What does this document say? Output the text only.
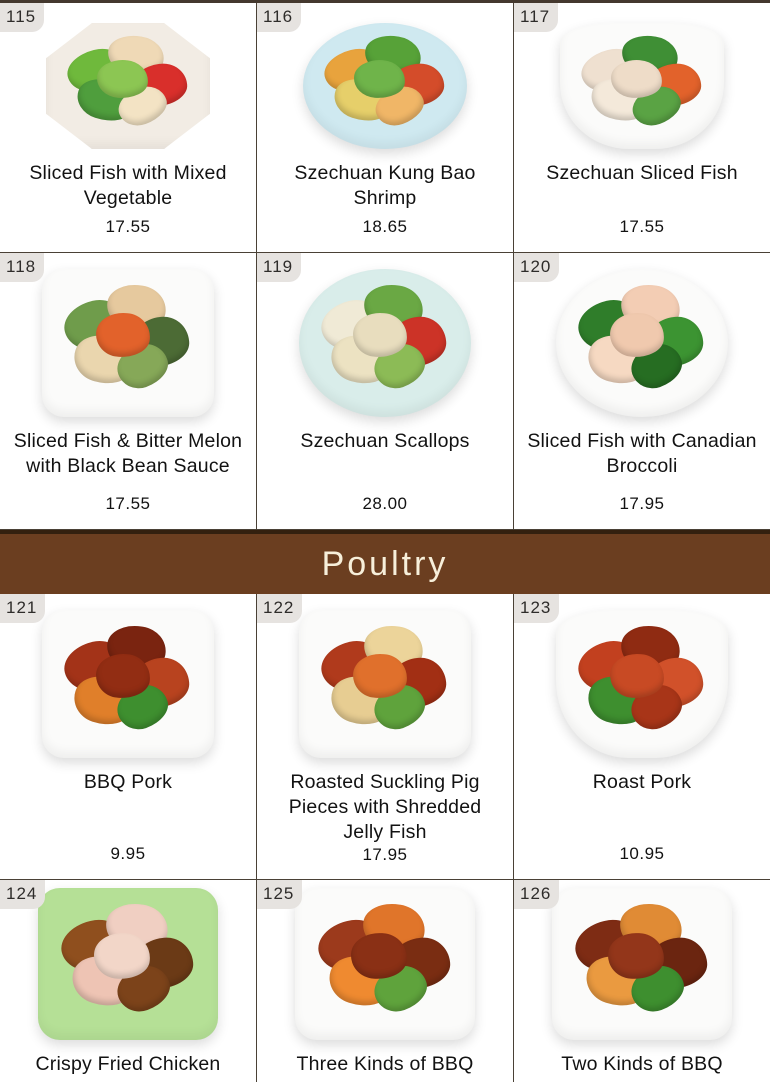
115
Sliced Fish with Mixed Vegetable
17.55
116
Szechuan Kung Bao Shrimp
18.65
117
Szechuan Sliced Fish
17.55
118
Sliced Fish & Bitter Melon with Black Bean Sauce
17.55
119
Szechuan Scallops
28.00
120
Sliced Fish with Canadian Broccoli
17.95
Poultry
121
BBQ Pork
9.95
122
Roasted Suckling Pig Pieces with Shredded Jelly Fish
17.95
123
Roast Pork
10.95
124
Crispy Fried Chicken
125
Three Kinds of BBQ
126
Two Kinds of BBQ
